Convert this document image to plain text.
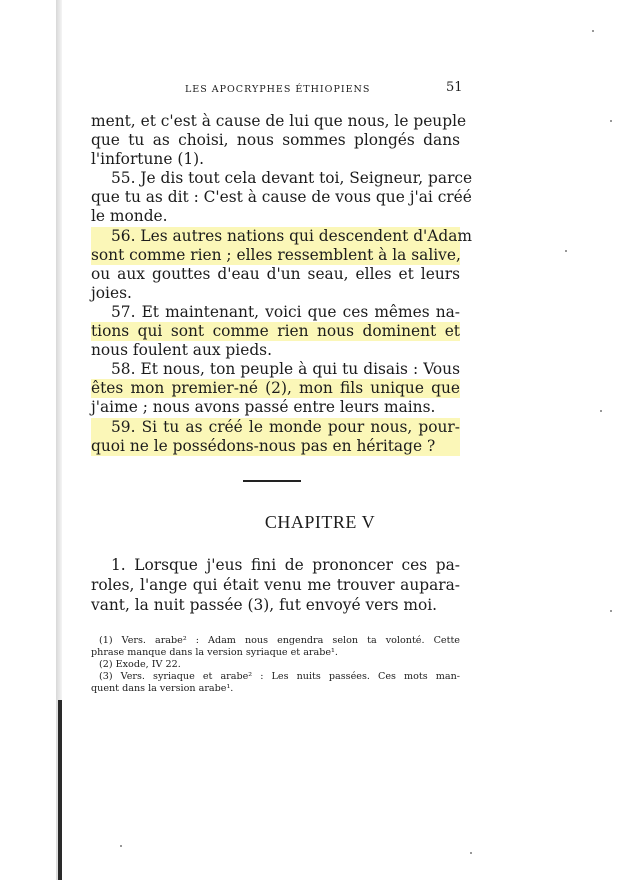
LES APOCRYPHES ÉTHIOPIENS	51
ment, et c'est à cause de lui que nous, le peuple
que tu as choisi, nous sommes plongés dans
l'infortune (1).
55. Je dis tout cela devant toi, Seigneur, parce
que tu as dit : C'est à cause de vous que j'ai créé
le monde.
56. Les autres nations qui descendent d'Adam
sont comme rien ; elles ressemblent à la salive,
ou aux gouttes d'eau d'un seau, elles et leurs
joies.
57. Et maintenant, voici que ces mêmes na-
tions qui sont comme rien nous dominent et
nous foulent aux pieds.
58. Et nous, ton peuple à qui tu disais : Vous
êtes mon premier-né (2), mon fils unique que
j'aime ; nous avons passé entre leurs mains.
59. Si tu as créé le monde pour nous, pour-
quoi ne le possédons-nous pas en héritage ?
CHAPITRE V
1. Lorsque j'eus fini de prononcer ces pa-
roles, l'ange qui était venu me trouver aupara-
vant, la nuit passée (3), fut envoyé vers moi.
(1) Vers. arabe² : Adam nous engendra selon ta volonté. Cette
phrase manque dans la version syriaque et arabe¹.
(2) Exode, IV 22.
(3) Vers. syriaque et arabe² : Les nuits passées. Ces mots man-
quent dans la version arabe¹.
